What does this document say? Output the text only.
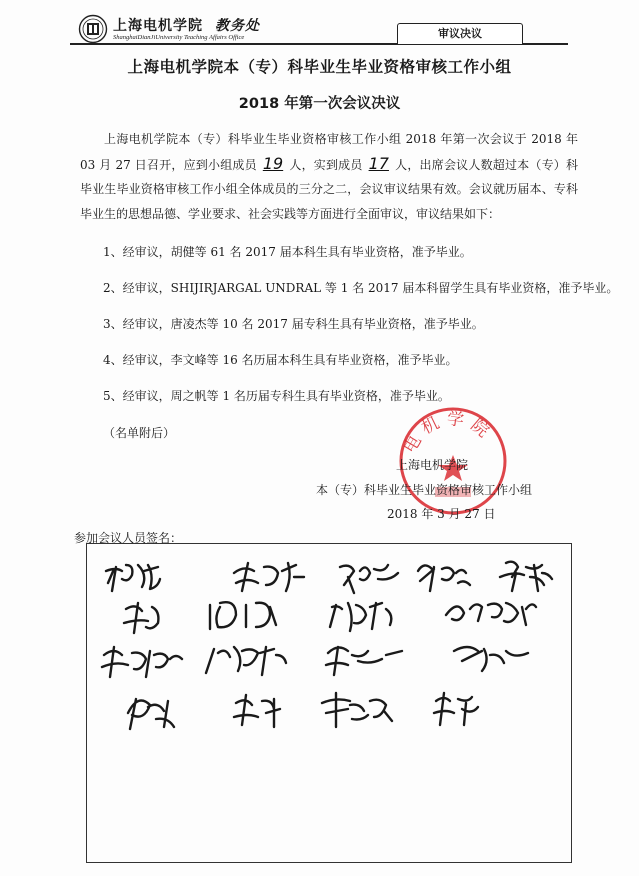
上海电机学院
ShanghaiDianJiUniversity Teaching Affairs Office
教务处	审议决议
上海电机学院本（专）科毕业生毕业资格审核工作小组
2018 年第一次会议决议
上海电机学院本（专）科毕业生毕业资格审核工作小组 2018 年第一次会议于 2018 年 03 月 27 日召开，应到小组成员 19 人，实到成员 17 人，出席会议人数超过本（专）科毕业生毕业资格审核工作小组全体成员的三分之二，会议审议结果有效。会议就历届本、专科毕业生的思想品德、学业要求、社会实践等方面进行全面审议，审议结果如下：
1、经审议，胡健等 61 名 2017 届本科生具有毕业资格，准予毕业。
2、经审议，SHIJIRJARGAL UNDRAL 等 1 名 2017 届本科留学生具有毕业资格，准予毕业。
3、经审议，唐凌杰等 10 名 2017 届专科生具有毕业资格，准予毕业。
4、经审议，李文峰等 16 名历届本科生具有毕业资格，准予毕业。
5、经审议，周之帆等 1 名历届专科生具有毕业资格，准予毕业。
（名单附后）	电机学院
上海电机学院
本（专）科毕业生毕业资格审核工作小组
2018 年 3 月 27 日
参加会议人员签名：
